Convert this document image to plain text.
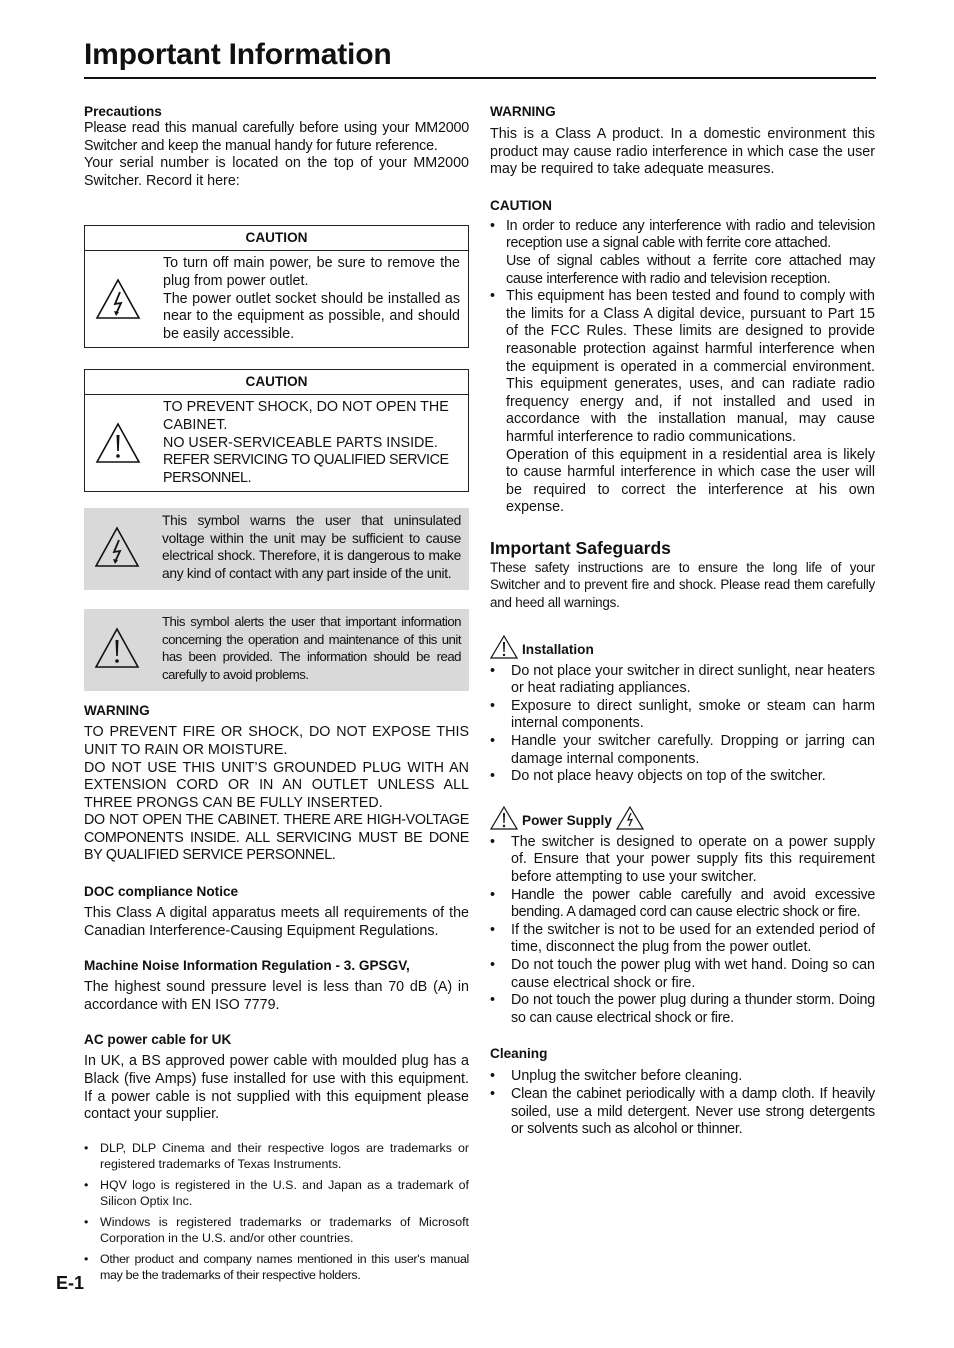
Important Information
Precautions

Please read this manual carefully before using your MM2000 Switcher and keep the manual handy for future reference.

Your serial number is located on the top of your MM2000 Switcher. Record it here:

CAUTION

To turn off main power, be sure to remove the plug from power outlet.

The power outlet socket should be installed as near to the equipment as possible, and should be easily accessible.

CAUTION

TO PREVENT SHOCK, DO NOT OPEN THE CABINET.

NO USER-SERVICEABLE PARTS INSIDE.

REFER SERVICING TO QUALIFIED SERVICE PERSONNEL.

This symbol warns the user that uninsulated voltage within the unit may be sufficient to cause electrical shock. Therefore, it is dangerous to make any kind of contact with any part inside of the unit.
This symbol alerts the user that important information concerning the operation and maintenance of this unit has been provided. The information should be read carefully to avoid problems.
WARNING

TO PREVENT FIRE OR SHOCK, DO NOT EXPOSE THIS UNIT TO RAIN OR MOISTURE.

DO NOT USE THIS UNIT’S GROUNDED PLUG WITH AN EXTENSION CORD OR IN AN OUTLET UNLESS ALL THREE PRONGS CAN BE FULLY INSERTED.

DO NOT OPEN THE CABINET. THERE ARE HIGH-VOLTAGE COMPONENTS INSIDE. ALL SERVICING MUST BE DONE BY QUALIFIED SERVICE PERSONNEL.

DOC compliance Notice

This Class A digital apparatus meets all requirements of the Canadian Interference-Causing Equipment Regulations.

Machine Noise Information Regulation - 3. GPSGV,

The highest sound pressure level is less than 70 dB (A) in accordance with EN ISO 7779.

AC power cable for UK

In UK, a BS approved power cable with moulded plug has a Black (five Amps) fuse installed for use with this equipment. If a power cable is not supplied with this equipment please contact your supplier.

• DLP, DLP Cinema and their respective logos are trademarks or registered trademarks of Texas Instruments.
• HQV logo is registered in the U.S. and Japan as a trademark of Silicon Optix Inc.
• Windows is registered trademarks or trademarks of Microsoft Corporation in the U.S. and/or other countries.
• Other product and company names mentioned in this user's manual may be the trademarks of their respective holders.
WARNING

This is a Class A product. In a domestic environment this product may cause radio interference in which case the user may be required to take adequate measures.

CAUTION
• In order to reduce any interference with radio and television reception use a signal cable with ferrite core attached.
Use of signal cables without a ferrite core attached may cause interference with radio and television reception.
• This equipment has been tested and found to comply with the limits for a Class A digital device, pursuant to Part 15 of the FCC Rules. These limits are designed to provide reasonable protection against harmful interference when the equipment is operated in a commercial environment. This equipment generates, uses, and can radiate radio frequency energy and, if not installed and used in accordance with the installation manual, may cause harmful interference to radio communications.
Operation of this equipment in a residential area is likely to cause harmful interference in which case the user will be required to correct the interference at his own expense.
Important Safeguards

These safety instructions are to ensure the long life of your Switcher and to prevent fire and shock. Please read them carefully and heed all warnings.

Installation
• Do not place your switcher in direct sunlight, near heaters or heat radiating appliances.
• Exposure to direct sunlight, smoke or steam can harm internal components.
• Handle your switcher carefully. Dropping or jarring can damage internal components.
• Do not place heavy objects on top of the switcher.
Power Supply
• The switcher is designed to operate on a power supply of. Ensure that your power supply fits this requirement before attempting to use your switcher.
• Handle the power cable carefully and avoid excessive bending. A damaged cord can cause electric shock or fire.
• If the switcher is not to be used for an extended period of time, disconnect the plug from the power outlet.
• Do not touch the power plug with wet hand. Doing so can cause electrical shock or fire.
• Do not touch the power plug during a thunder storm. Doing so can cause electrical shock or fire.
Cleaning
• Unplug the switcher before cleaning.
• Clean the cabinet periodically with a damp cloth. If heavily soiled, use a mild detergent. Never use strong detergents or solvents such as alcohol or thinner.
E-1
